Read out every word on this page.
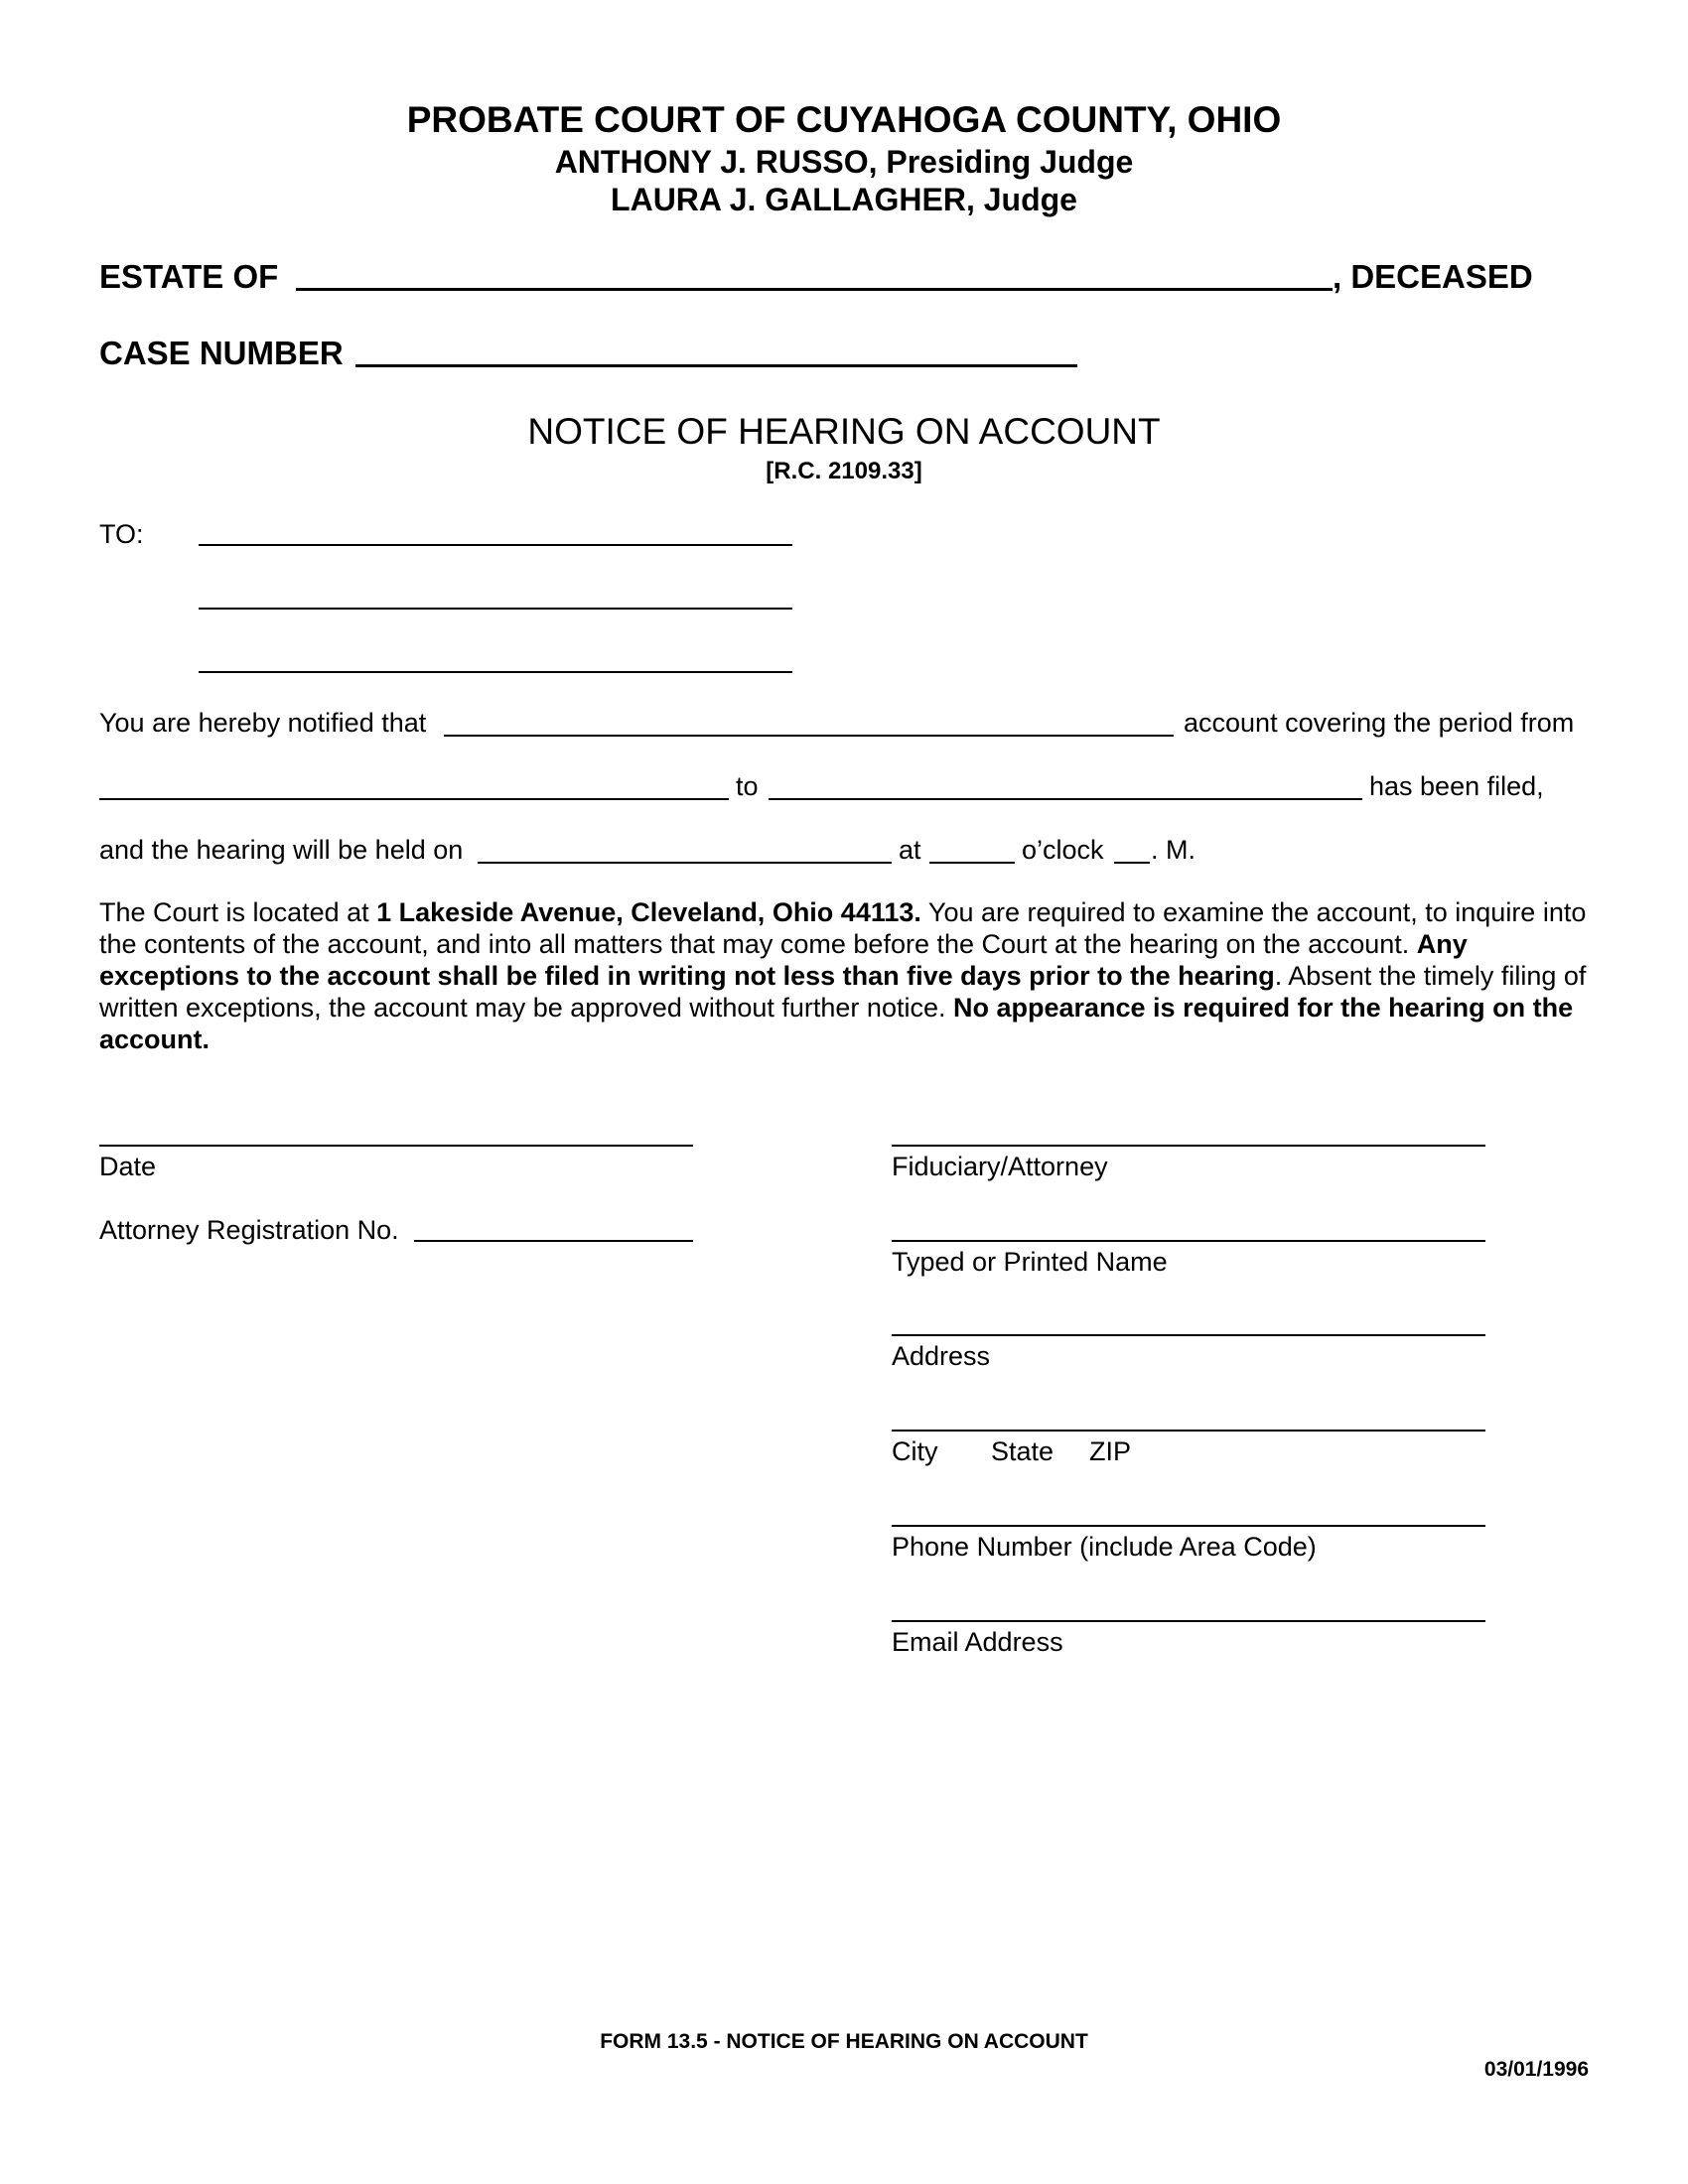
PROBATE COURT OF CUYAHOGA COUNTY, OHIO
ANTHONY J. RUSSO, Presiding Judge
LAURA J. GALLAGHER, Judge
ESTATE OF	, DECEASED
CASE NUMBER
NOTICE OF HEARING ON ACCOUNT
[R.C. 2109.33]
TO:
You are hereby notified that	account covering the period from
to	has been filed,
and the hearing will be held on	at	o’clock . M.
The Court is located at 1 Lakeside Avenue, Cleveland, Ohio 44113. You are required to examine the account, to inquire into the contents of the account, and into all matters that may come before the Court at the hearing on the account. Any exceptions to the account shall be filed in writing not less than five days prior to the hearing. Absent the timely filing of written exceptions, the account may be approved without further notice. No appearance is required for the hearing on the account.
Date
Attorney Registration No.
Fiduciary/Attorney
Typed or Printed Name
Address
City State ZIP
Phone Number (include Area Code)
Email Address
FORM 13.5 - NOTICE OF HEARING ON ACCOUNT
03/01/1996
